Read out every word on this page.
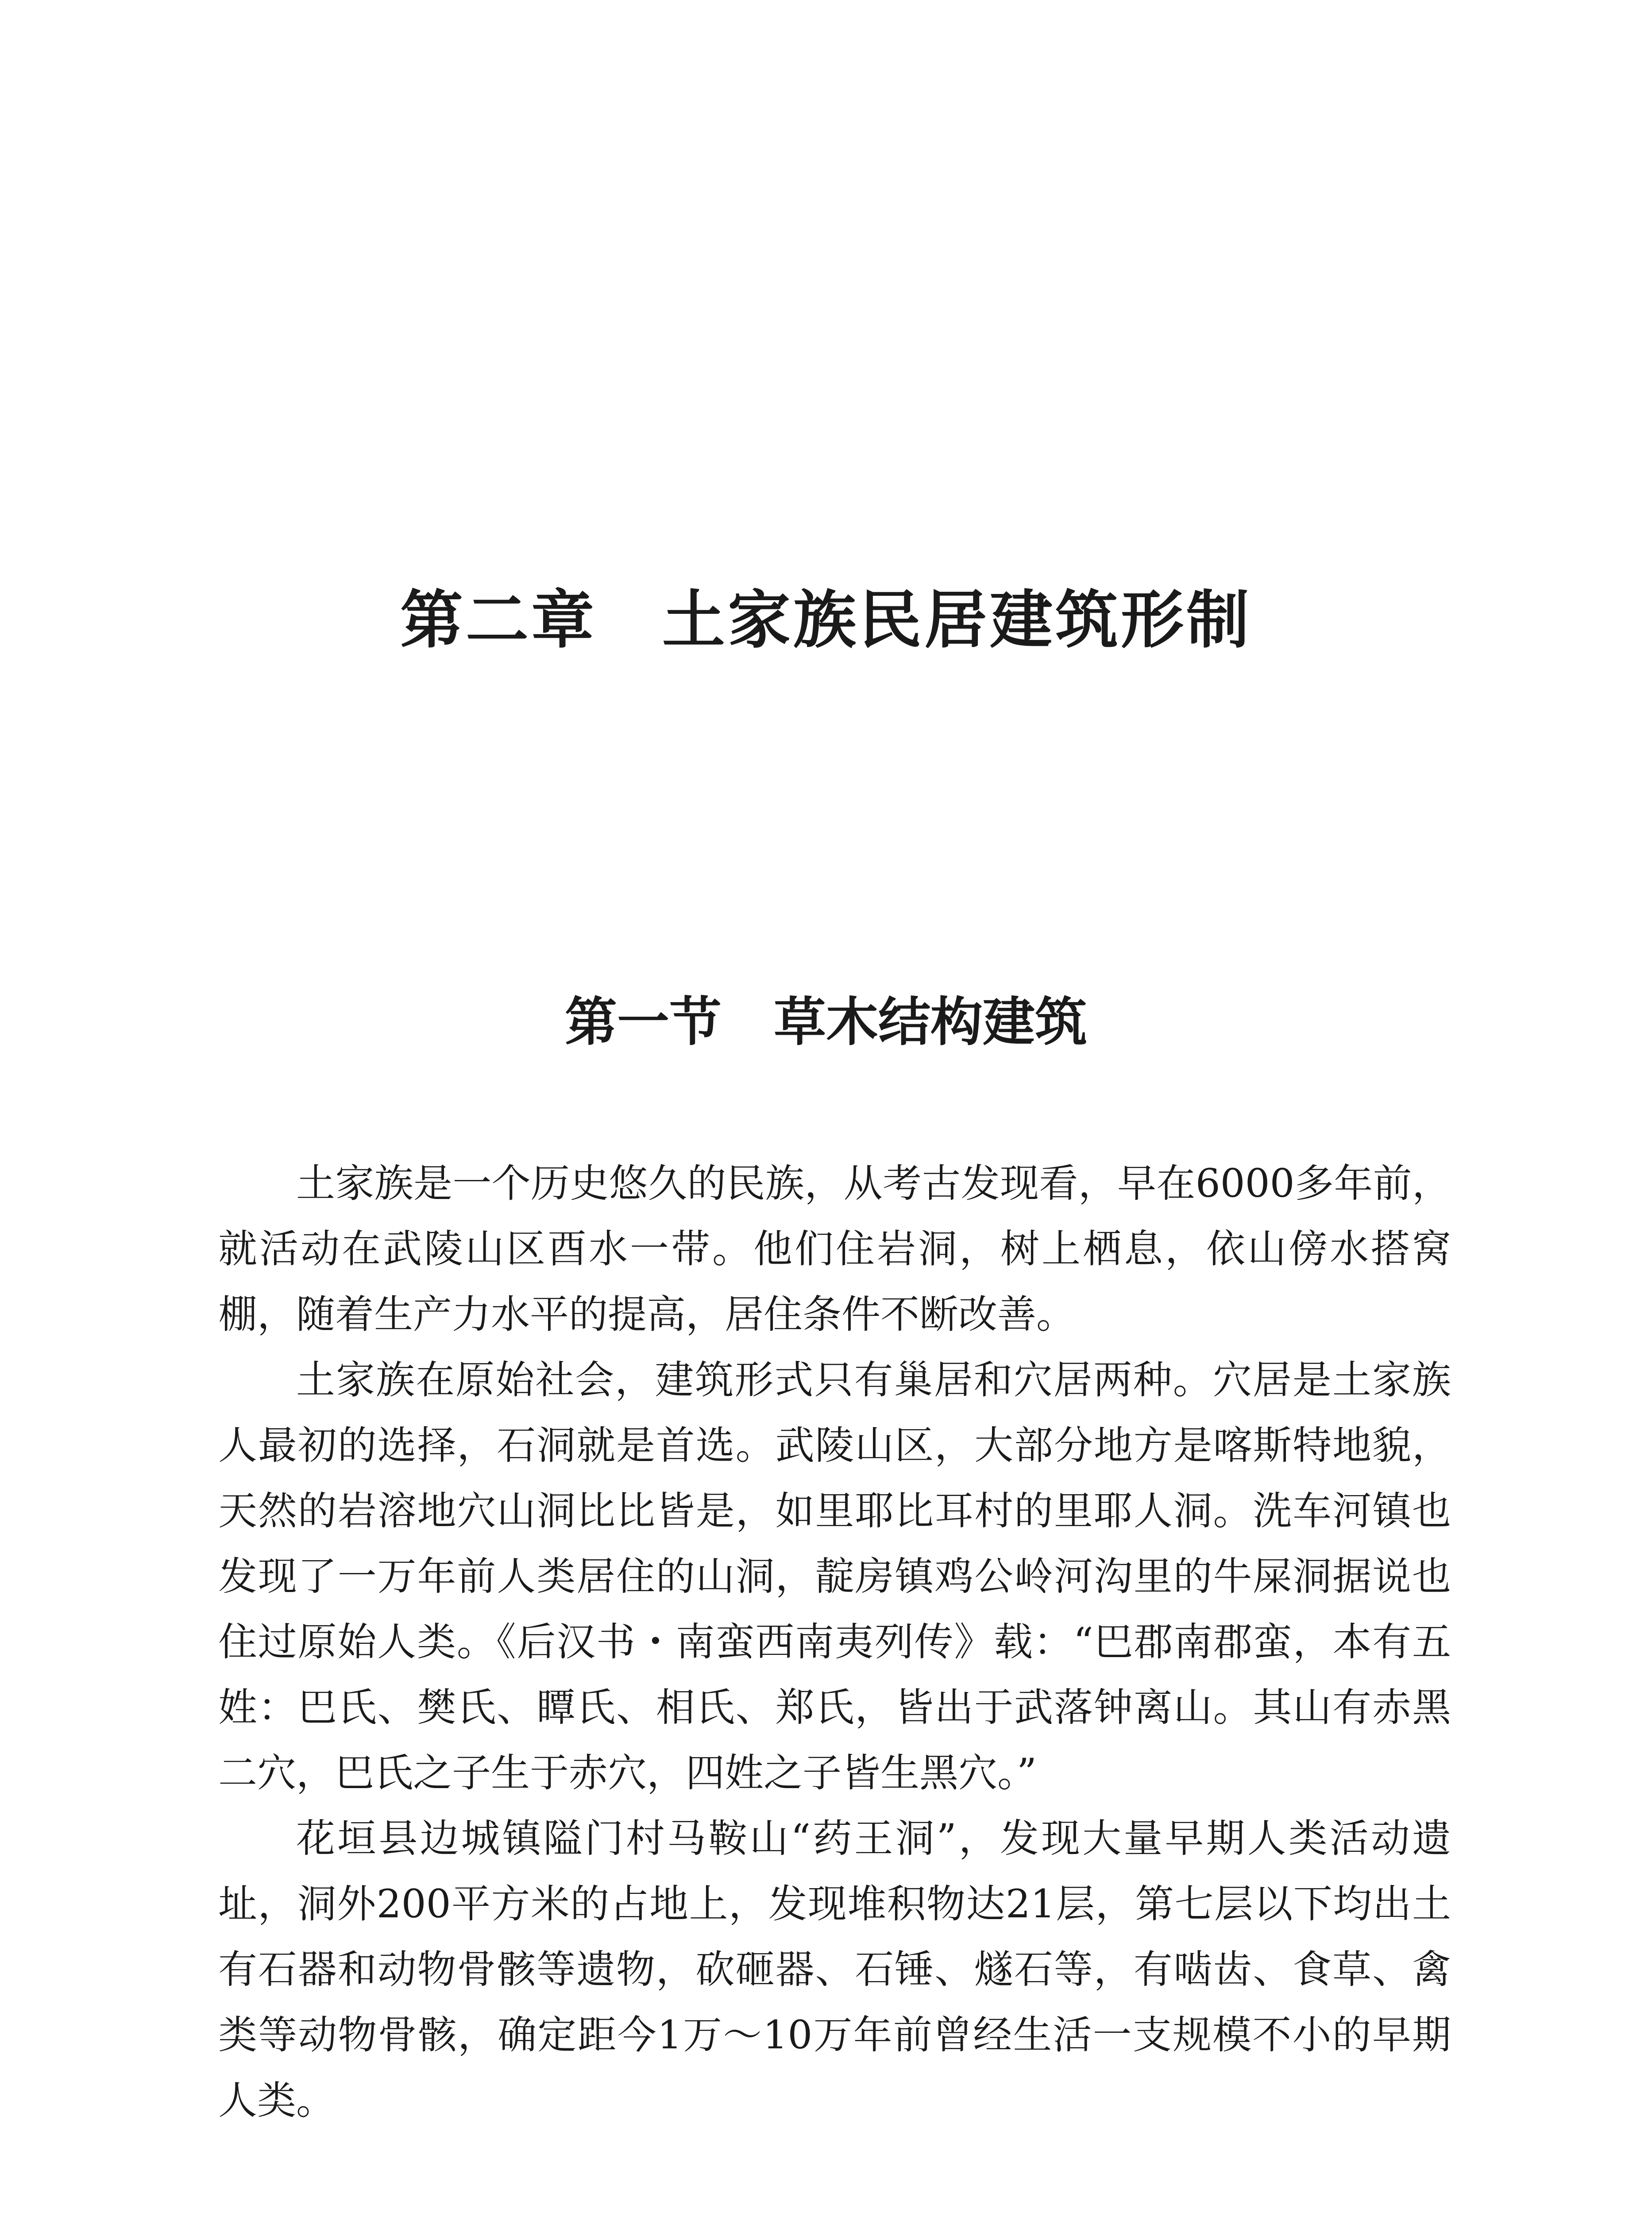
第二章　土家族民居建筑形制
第一节　草木结构建筑

土家族是一个历史悠久的民族，从考古发现看，早在6000多年前，就活动在武陵山区酉水一带。他们住岩洞，树上栖息，依山傍水搭窝棚，随着生产力水平的提高，居住条件不断改善。

土家族在原始社会，建筑形式只有巢居和穴居两种。穴居是土家族人最初的选择，石洞就是首选。武陵山区，大部分地方是喀斯特地貌，天然的岩溶地穴山洞比比皆是，如里耶比耳村的里耶人洞。洗车河镇也发现了一万年前人类居住的山洞，靛房镇鸡公岭河沟里的牛屎洞据说也住过原始人类。《后汉书・南蛮西南夷列传》载：“巴郡南郡蛮，本有五姓：巴氏、樊氏、瞫氏、相氏、郑氏，皆出于武落钟离山。其山有赤黑二穴，巴氏之子生于赤穴，四姓之子皆生黑穴。”

花垣县边城镇隘门村马鞍山“药王洞”，发现大量早期人类活动遗址，洞外200平方米的占地上，发现堆积物达21层，第七层以下均出土有石器和动物骨骸等遗物，砍砸器、石锤、燧石等，有啮齿、食草、禽类等动物骨骸，确定距今1万～10万年前曾经生活一支规模不小的早期人类。
